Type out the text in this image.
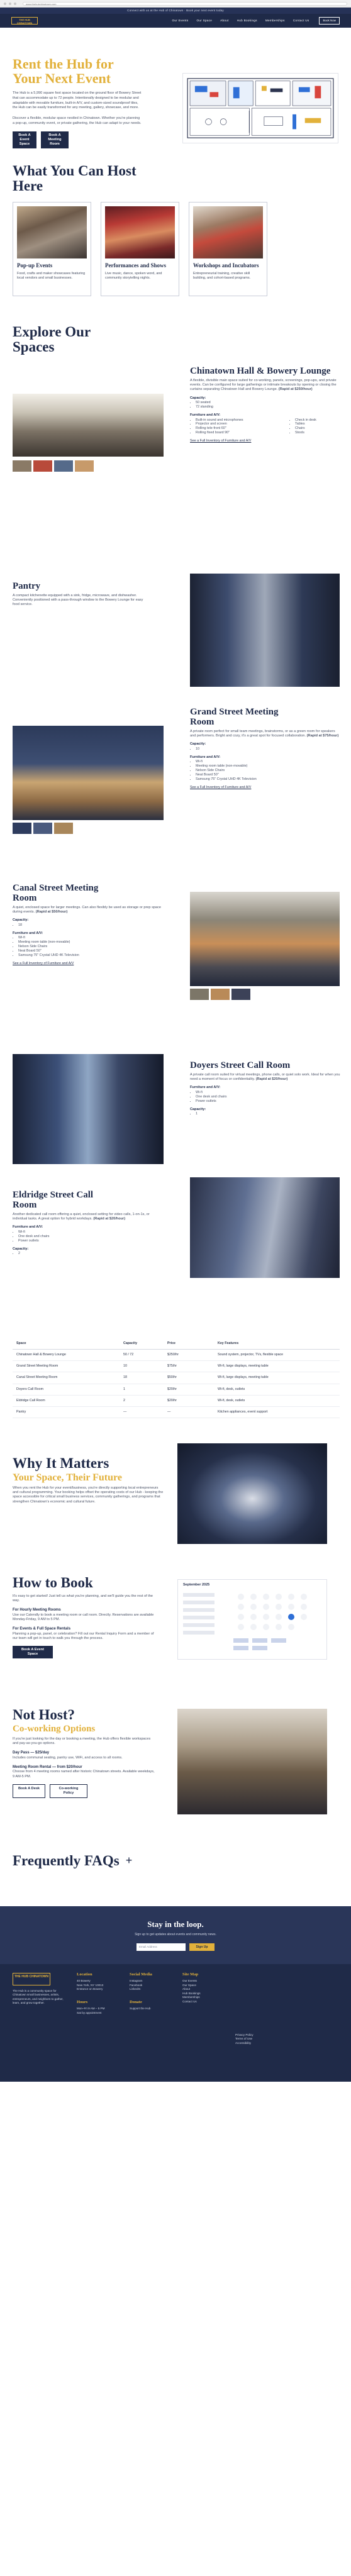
www.thehubchinatown.com
Connect with us at the Hub of Chinatown · Book your next event today
THE HUB
CHINATOWN
Our Events	Our Space	About	Hub Bookings	Memberships	Contact Us	Book Now
Rent the Hub for Your Next Event

The Hub is a 5,990 square foot space located on the ground floor of Bowery Street that can accommodate up to 72 people. Intentionally designed to be modular and adaptable with movable furniture, built-in A/V, and custom-sized soundproof tiles, the Hub can be easily transformed for any meeting, gallery, showcase, and more.

Discover a flexible, modular space nestled in Chinatown. Whether you're planning a pop-up, community event, or private gathering, the Hub can adapt to your needs.

Book A Event Space
Book A Meeting Room
What You Can Host Here
Pop-up Events

Food, crafts and maker showcases featuring local vendors and small businesses.

Performances and Shows

Live music, dance, spoken word, and community storytelling nights.

Workshops and Incubators

Entrepreneurial training, creative skill building, and cohort-based programs.

Explore Our Spaces
Chinatown Hall & Bowery Lounge

A flexible, divisible main space suited for co-working, panels, screenings, pop-ups, and private events. Can be configured for large gatherings or intimate breakouts by opening or closing the curtains separating Chinatown Hall and Bowery Lounge. (Rapid at $250/hour)

Capacity:
• 50 seated
• 72 standing
Furniture and A/V:
• Built-in sound and microphones
• Projector and screen
• Rolling tele-front 60"
• Rolling fixed board 90"
• Check in desk
• Tables
• Chairs
• Stools
See a Full Inventory of Furniture and A/V
Pantry

A compact kitchenette equipped with a sink, fridge, microwave, and dishwasher. Conveniently positioned with a pass-through window to the Bowery Lounge for easy food service.

Grand Street Meeting Room

A private room perfect for small team meetings, brainstorms, or as a green room for speakers and performers. Bright and cozy, it's a great spot for focused collaboration. (Rapid at $75/hour)

Capacity:
• 10
Furniture and A/V:
• Wi-fi
• Meeting room table (non-movable)
• Nelson Side Chairs
• Neat Board 50"
• Samsung 75" Crystal UHD 4K Television
See a Full Inventory of Furniture and A/V
Canal Street Meeting Room

A quiet, enclosed space for larger meetings. Can also flexibly be used as storage or prep space during events. (Rapid at $50/hour)

Capacity:
• 18
Furniture and A/V:
• Wi-fi
• Meeting room table (non-movable)
• Nelson Side Chairs
• Neat Board 50"
• Samsung 75" Crystal UHD 4K Television
See a Full Inventory of Furniture and A/V
Doyers Street Call Room

A private call room suited for virtual meetings, phone calls, or quiet solo work. Ideal for when you need a moment of focus or confidentiality. (Rapid at $20/hour)

Furniture and A/V:
• Wi-fi
• One desk and chairs
• Power outlets
Capacity:
• 1
Eldridge Street Call Room

Another dedicated call room offering a quiet, enclosed setting for video calls, 1-on-1s, or individual tasks. A great option for hybrid workdays. (Rapid at $20/hour)

Furniture and A/V:
• Wi-fi
• One desk and chairs
• Power outlets
Capacity:
• 2
Space	Capacity	Price	Key Features
Chinatown Hall & Bowery Lounge	50 / 72	$250/hr	Sound system, projector, TVs, flexible space
Grand Street Meeting Room	10	$75/hr	Wi-fi, large displays, meeting table
Canal Street Meeting Room	18	$50/hr	Wi-fi, large displays, meeting table
Doyers Call Room	1	$20/hr	Wi-fi, desk, outlets
Eldridge Call Room	2	$20/hr	Wi-fi, desk, outlets
Pantry	—	—	Kitchen appliances, event support
Why It Matters
Your Space, Their Future

When you rent the Hub for your event/business, you're directly supporting local entrepreneurs and cultural programming. Your booking helps offset the operating costs of our Hub - keeping the space accessible for critical small business services, community gatherings, and programs that strengthen Chinatown's economic and cultural future.

How to Book

It's easy to get started! Just tell us what you're planning, and we'll guide you the rest of the way.

For Hourly Meeting Rooms

Use our Calendly to book a meeting room or call room. Directly. Reservations are available Monday-Friday, 9 AM to 5 PM.

For Events & Full Space Rentals

Planning a pop-up, panel, or celebration? Fill out our Rental Inquiry Form and a member of our team will get in touch to walk you through the process.

Book A Event Space
September 2025
Not Host?
Co-working Options

If you're just looking for the day or booking a meeting, the Hub offers flexible workspaces and pay-as-you-go options.

Day Pass — $25/day

Includes communal seating, pantry use, WiFi, and access to all rooms.

Meeting Room Rental — from $20/hour

Choose from 4 meeting rooms named after historic Chinatown streets. Available weekdays, 9 AM-5 PM.

Book A Desk	Co-working Policy
Frequently FAQs +
Stay in the loop.

Sign up to get updates about events and community news.

Email Address	Sign Up
THE HUB CHINATOWN

The Hub is a community space for Chinatown small businesses, artists, entrepreneurs, and neighbors to gather, learn, and grow together.

Location
40 Bowery
New York, NY 10013
Entrance on Bowery
Hours
Mon–Fri 9 AM – 5 PM
Sat by appointment
Social Media
Instagram
Facebook
LinkedIn
Donate
Support the Hub
Site Map
Our Events
Our Space
About
Hub Bookings
Memberships
Contact Us
Privacy Policy
Terms of Use
Accessibility
